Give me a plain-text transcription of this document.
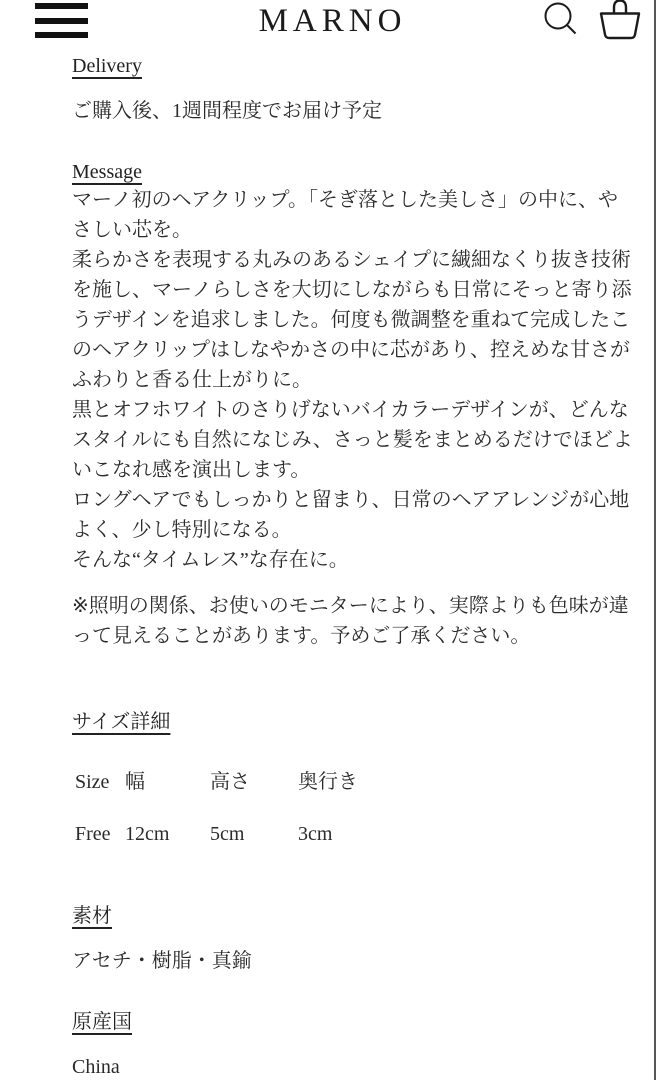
MARNO
Delivery

ご購入後、1週間程度でお届け予定

Message

マーノ初のヘアクリップ。「そぎ落とした美しさ」の中に、やさしい芯を。

柔らかさを表現する丸みのあるシェイプに繊細なくり抜き技術を施し、マーノらしさを大切にしながらも日常にそっと寄り添うデザインを追求しました。何度も微調整を重ねて完成したこのヘアクリップはしなやかさの中に芯があり、控えめな甘さがふわりと香る仕上がりに。

黒とオフホワイトのさりげないバイカラーデザインが、どんなスタイルにも自然になじみ、さっと髪をまとめるだけでほどよいこなれ感を演出します。

ロングヘアでもしっかりと留まり、日常のヘアアレンジが心地よく、少し特別になる。

そんな“タイムレス”な存在に。

※照明の関係、お使いのモニターにより、実際よりも色味が違って見えることがあります。予めご了承ください。

サイズ詳細
Size	幅	高さ	奥行き
Free	12cm	5cm	3cm
素材

アセチ・樹脂・真鍮

原産国

China
